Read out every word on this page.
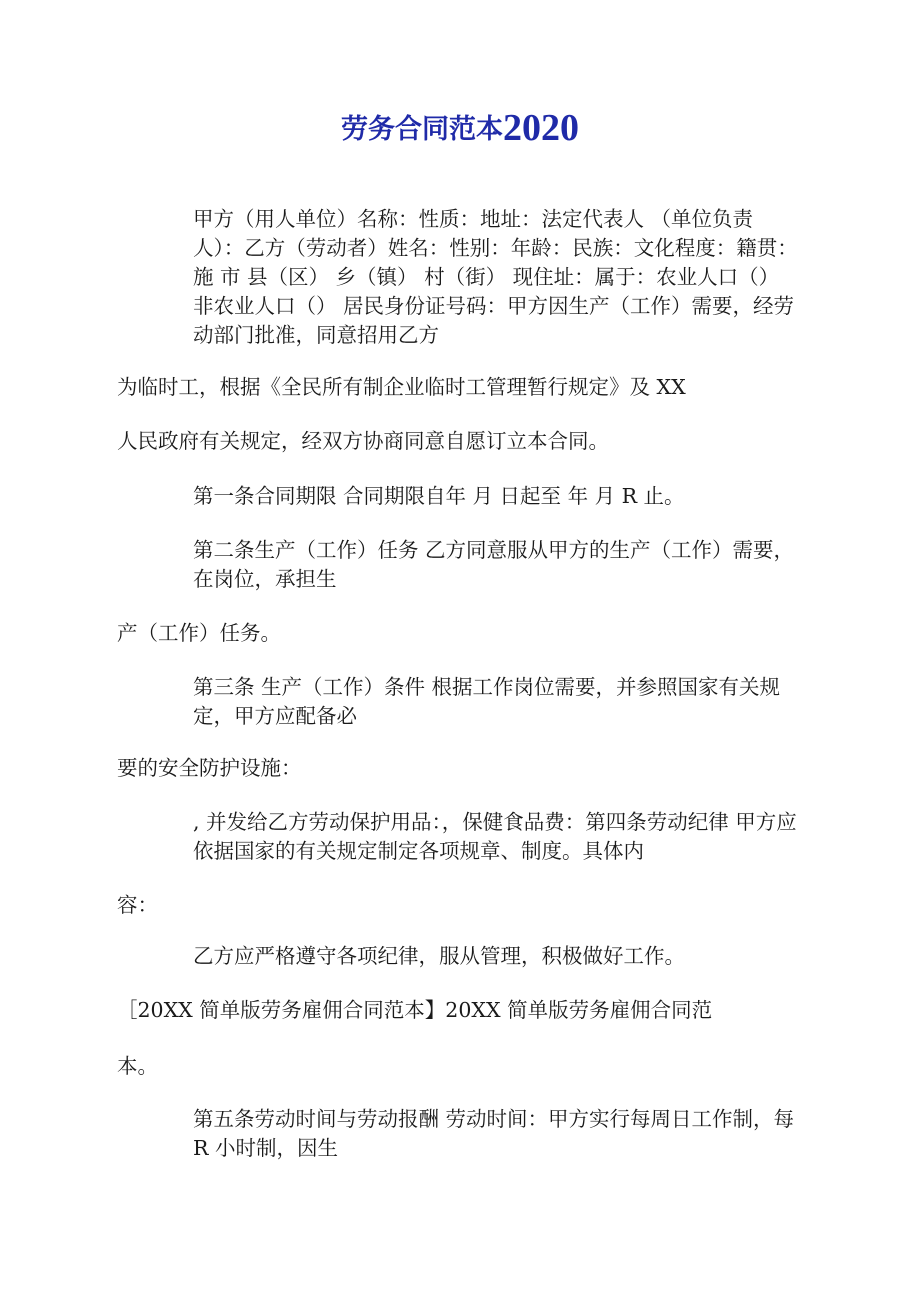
劳务合同范本2020

甲方（用人单位）名称：性质：地址：法定代表人 （单位负责人）：乙方（劳动者）姓名：性别：年龄：民族：文化程度：籍贯：施 市 县（区） 乡（镇） 村（街） 现住址：属于：农业人口（） 非农业人口（） 居民身份证号码：甲方因生产（工作）需要，经劳动部门批准，同意招用乙方

为临时工，根据《全民所有制企业临时工管理暂行规定》及 XX

人民政府有关规定，经双方协商同意自愿订立本合同。

第一条合同期限 合同期限自年 月 日起至 年 月 R 止。

第二条生产（工作）任务 乙方同意服从甲方的生产（工作）需要，在岗位，承担生

产（工作）任务。

第三条 生产（工作）条件 根据工作岗位需要，并参照国家有关规定，甲方应配备必

要的安全防护设施：

, 并发给乙方劳动保护用品：，保健食品费：第四条劳动纪律 甲方应依据国家的有关规定制定各项规章、制度。具体内

容：

乙方应严格遵守各项纪律，服从管理，积极做好工作。

［20XX 简单版劳务雇佣合同范本】20XX 简单版劳务雇佣合同范

本。

第五条劳动时间与劳动报酬 劳动时间：甲方实行每周日工作制，每 R 小时制，因生
